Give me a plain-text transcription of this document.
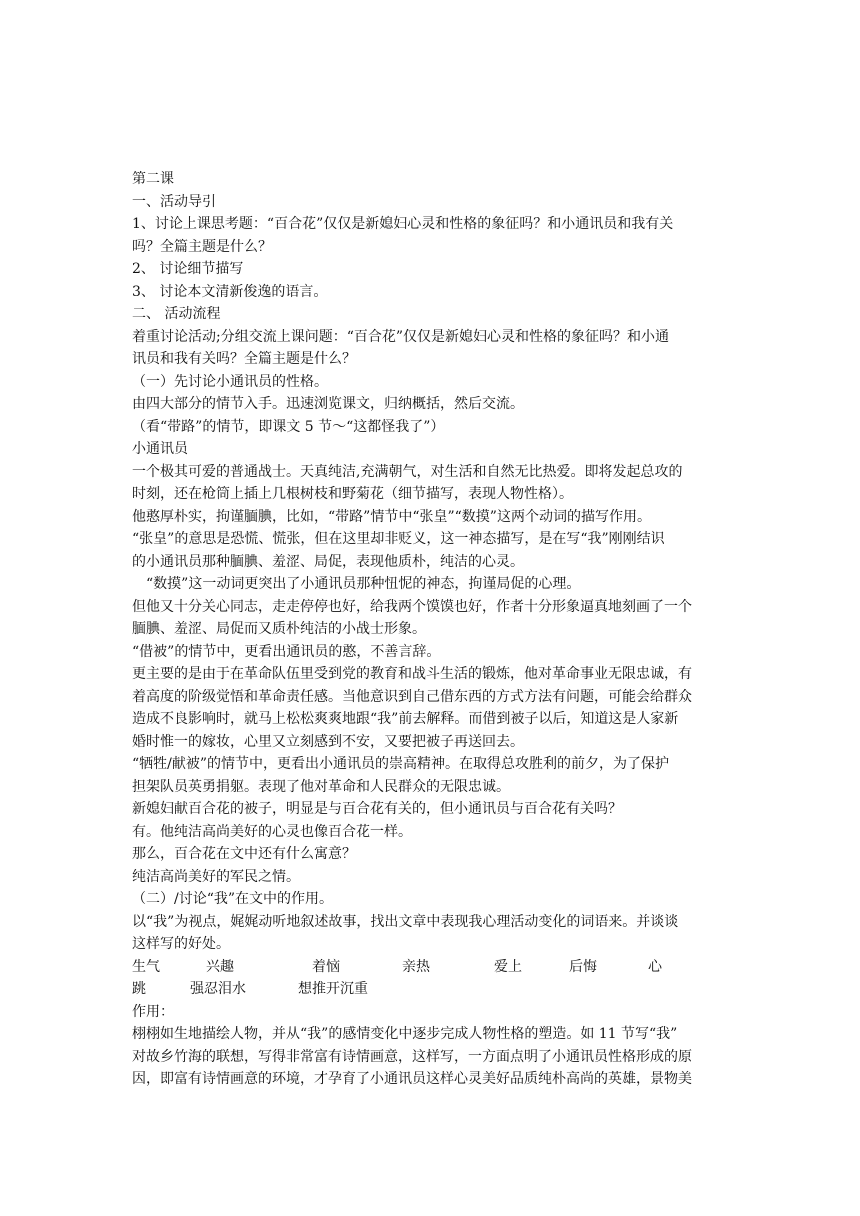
第二课
一、活动导引
1、讨论上课思考题：“百合花”仅仅是新媳妇心灵和性格的象征吗？和小通讯员和我有关
吗？全篇主题是什么？
2、 讨论细节描写
3、 讨论本文清新俊逸的语言。
二、 活动流程
着重讨论活动;分组交流上课问题：“百合花”仅仅是新媳妇心灵和性格的象征吗？和小通
讯员和我有关吗？全篇主题是什么？
（一）先讨论小通讯员的性格。
由四大部分的情节入手。迅速浏览课文，归纳概括，然后交流。
（看“带路”的情节，即课文 5 节～“这都怪我了”）
小通讯员
一个极其可爱的普通战士。天真纯洁,充满朝气，对生活和自然无比热爱。即将发起总攻的
时刻，还在枪筒上插上几根树枝和野菊花（细节描写，表现人物性格）。
他憨厚朴实，拘谨腼腆，比如，“带路”情节中“张皇”“数摸”这两个动词的描写作用。
“张皇”的意思是恐慌、慌张，但在这里却非贬义，这一神态描写，是在写“我”刚刚结识
的小通讯员那种腼腆、羞涩、局促，表现他质朴，纯洁的心灵。
“数摸”这一动词更突出了小通讯员那种忸怩的神态，拘谨局促的心理。
但他又十分关心同志，走走停停也好，给我两个馍馍也好，作者十分形象逼真地刻画了一个
腼腆、羞涩、局促而又质朴纯洁的小战士形象。
“借被”的情节中，更看出通讯员的憨，不善言辞。
更主要的是由于在革命队伍里受到党的教育和战斗生活的锻炼，他对革命事业无限忠诚，有
着高度的阶级觉悟和革命责任感。当他意识到自己借东西的方式方法有问题，可能会给群众
造成不良影响时，就马上松松爽爽地跟“我”前去解释。而借到被子以后，知道这是人家新
婚时惟一的嫁妆，心里又立刻感到不安，又要把被子再送回去。
“牺牲/献被”的情节中，更看出小通讯员的崇高精神。在取得总攻胜利的前夕，为了保护
担架队员英勇捐躯。表现了他对革命和人民群众的无限忠诚。
新媳妇献百合花的被子，明显是与百合花有关的，但小通讯员与百合花有关吗？
有。他纯洁高尚美好的心灵也像百合花一样。
那么，百合花在文中还有什么寓意？
纯洁高尚美好的军民之情。
（二）/讨论“我”在文中的作用。
以“我”为视点，娓娓动听地叙述故事，找出文章中表现我心理活动变化的词语来。并谈谈
这样写的好处。
生气	兴趣	着恼	亲热	爱上	后悔	心
跳	强忍泪水	想推开沉重
作用：
栩栩如生地描绘人物，并从“我”的感情变化中逐步完成人物性格的塑造。如 11 节写“我”
对故乡竹海的联想，写得非常富有诗情画意，这样写，一方面点明了小通讯员性格形成的原
因，即富有诗情画意的环境，才孕育了小通讯员这样心灵美好品质纯朴高尚的英雄，景物美
